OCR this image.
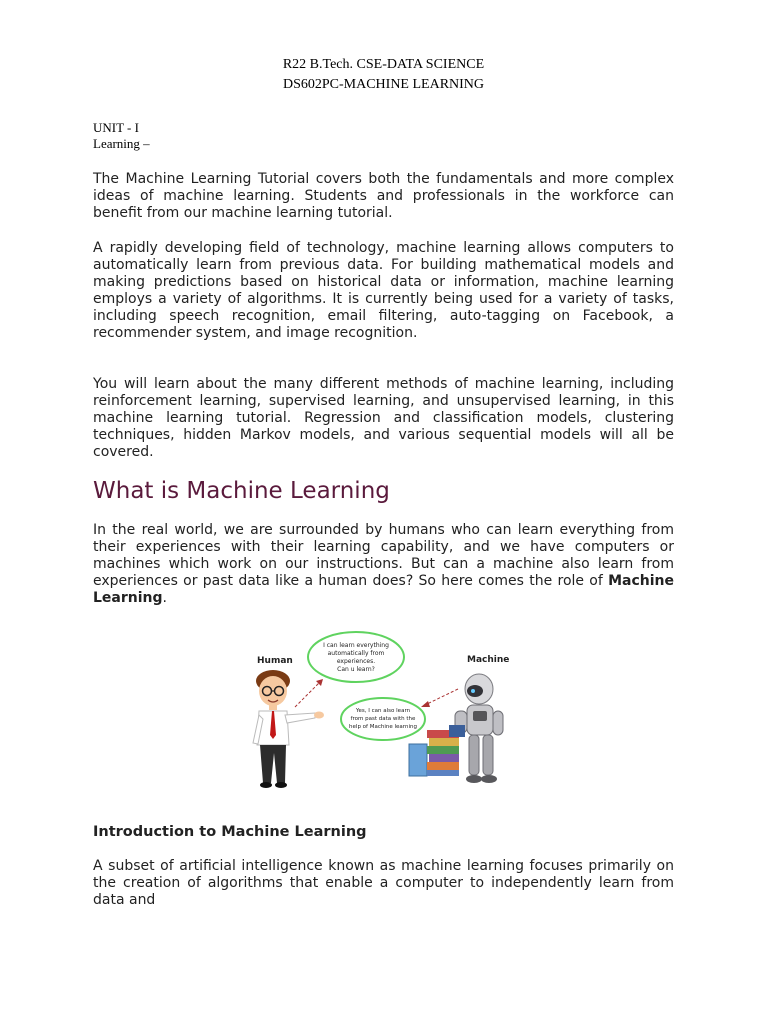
R22 B.Tech. CSE-DATA SCIENCE
DS602PC-MACHINE LEARNING
UNIT - I
Learning –

The Machine Learning Tutorial covers both the fundamentals and more complex ideas of machine learning. Students and professionals in the workforce can benefit from our machine learning tutorial.

A rapidly developing field of technology, machine learning allows computers to automatically learn from previous data. For building mathematical models and making predictions based on historical data or information, machine learning employs a variety of algorithms. It is currently being used for a variety of tasks, including speech recognition, email filtering, auto-tagging on Facebook, a recommender system, and image recognition.

You will learn about the many different methods of machine learning, including reinforcement learning, supervised learning, and unsupervised learning, in this machine learning tutorial. Regression and classification models, clustering techniques, hidden Markov models, and various sequential models will all be covered.

What is Machine Learning

In the real world, we are surrounded by humans who can learn everything from their experiences with their learning capability, and we have computers or machines which work on our instructions. But can a machine also learn from experiences or past data like a human does? So here comes the role of Machine Learning.

Introduction to Machine Learning

A subset of artificial intelligence known as machine learning focuses primarily on the creation of algorithms that enable a computer to independently learn from data and

Human	Machine
I can learn everything
automatically from
experiences.
Can u learn?
Yes, I can also learn
from past data with the
help of Machine learning
